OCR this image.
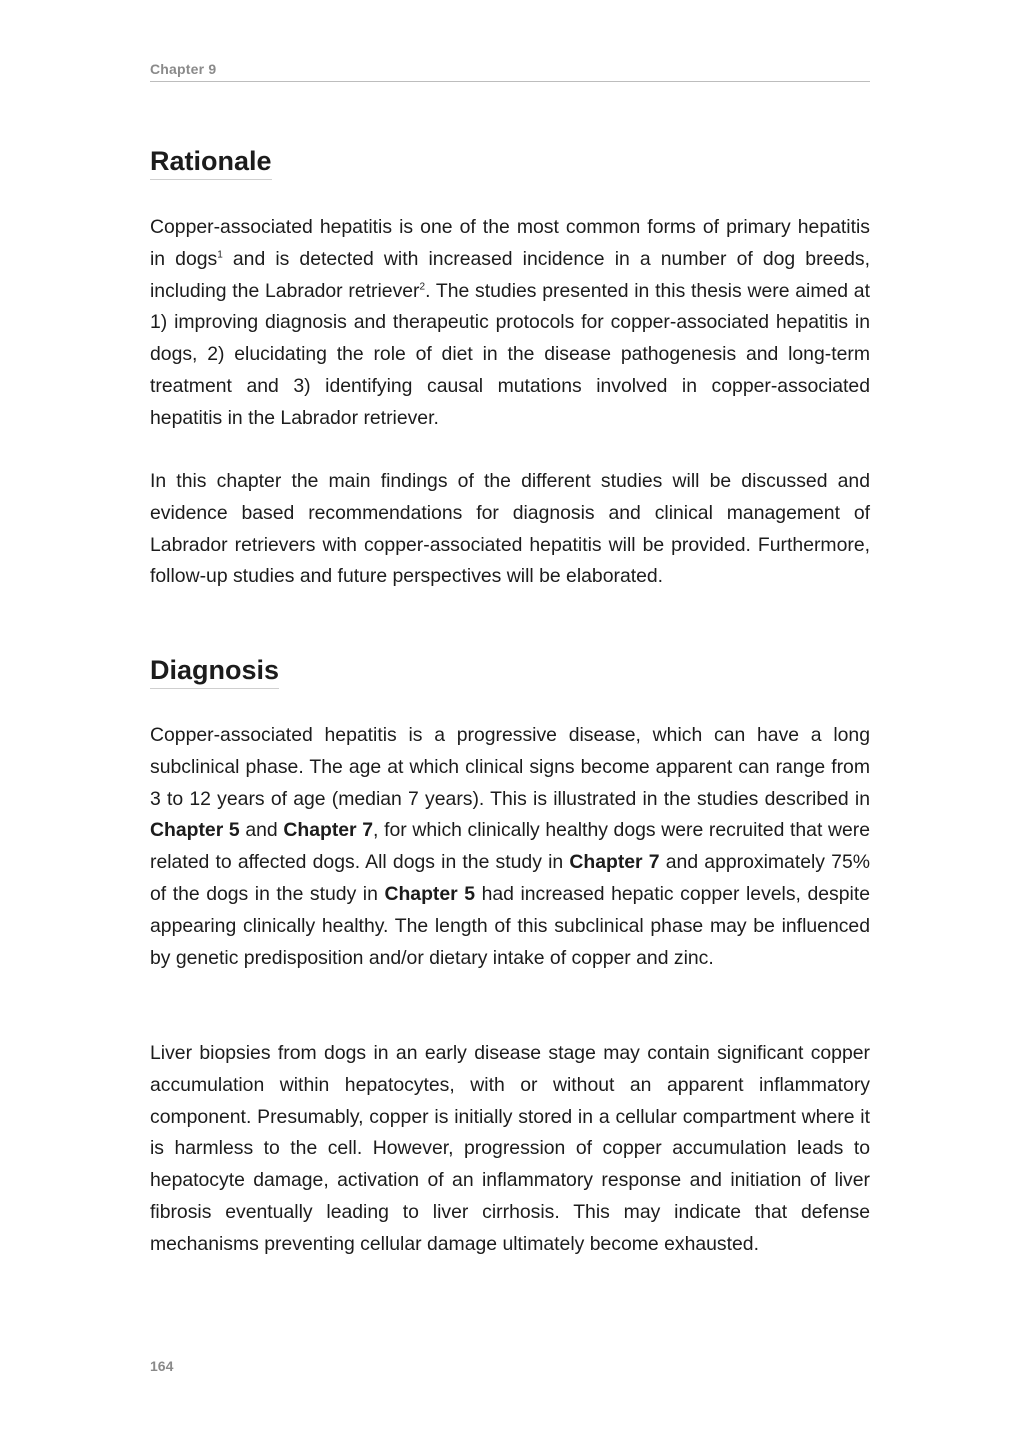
Chapter 9
Rationale

Copper-associated hepatitis is one of the most common forms of primary hepatitis in dogs$^1$ and is detected with increased incidence in a number of dog breeds, including the Labrador retriever$^2$. The studies presented in this thesis were aimed at 1) improving diagnosis and therapeutic protocols for copper-associated hepatitis in dogs, 2) elucidating the role of diet in the disease pathogenesis and long-term treatment and 3) identifying causal mutations involved in copper-associated hepatitis in the Labrador retriever.

In this chapter the main findings of the different studies will be discussed and evidence based recommendations for diagnosis and clinical management of Labrador retrievers with copper-associated hepatitis will be provided. Furthermore, follow-up studies and future perspectives will be elaborated.

Diagnosis

Copper-associated hepatitis is a progressive disease, which can have a long subclinical phase. The age at which clinical signs become apparent can range from 3 to 12 years of age (median 7 years). This is illustrated in the studies described in Chapter 5 and Chapter 7, for which clinically healthy dogs were recruited that were related to affected dogs. All dogs in the study in Chapter 7 and approximately 75% of the dogs in the study in Chapter 5 had increased hepatic copper levels, despite appearing clinically healthy. The length of this subclinical phase may be influenced by genetic predisposition and/or dietary intake of copper and zinc.

Liver biopsies from dogs in an early disease stage may contain significant copper accumulation within hepatocytes, with or without an apparent inflammatory component. Presumably, copper is initially stored in a cellular compartment where it is harmless to the cell. However, progression of copper accumulation leads to hepatocyte damage, activation of an inflammatory response and initiation of liver fibrosis eventually leading to liver cirrhosis. This may indicate that defense mechanisms preventing cellular damage ultimately become exhausted.

164
